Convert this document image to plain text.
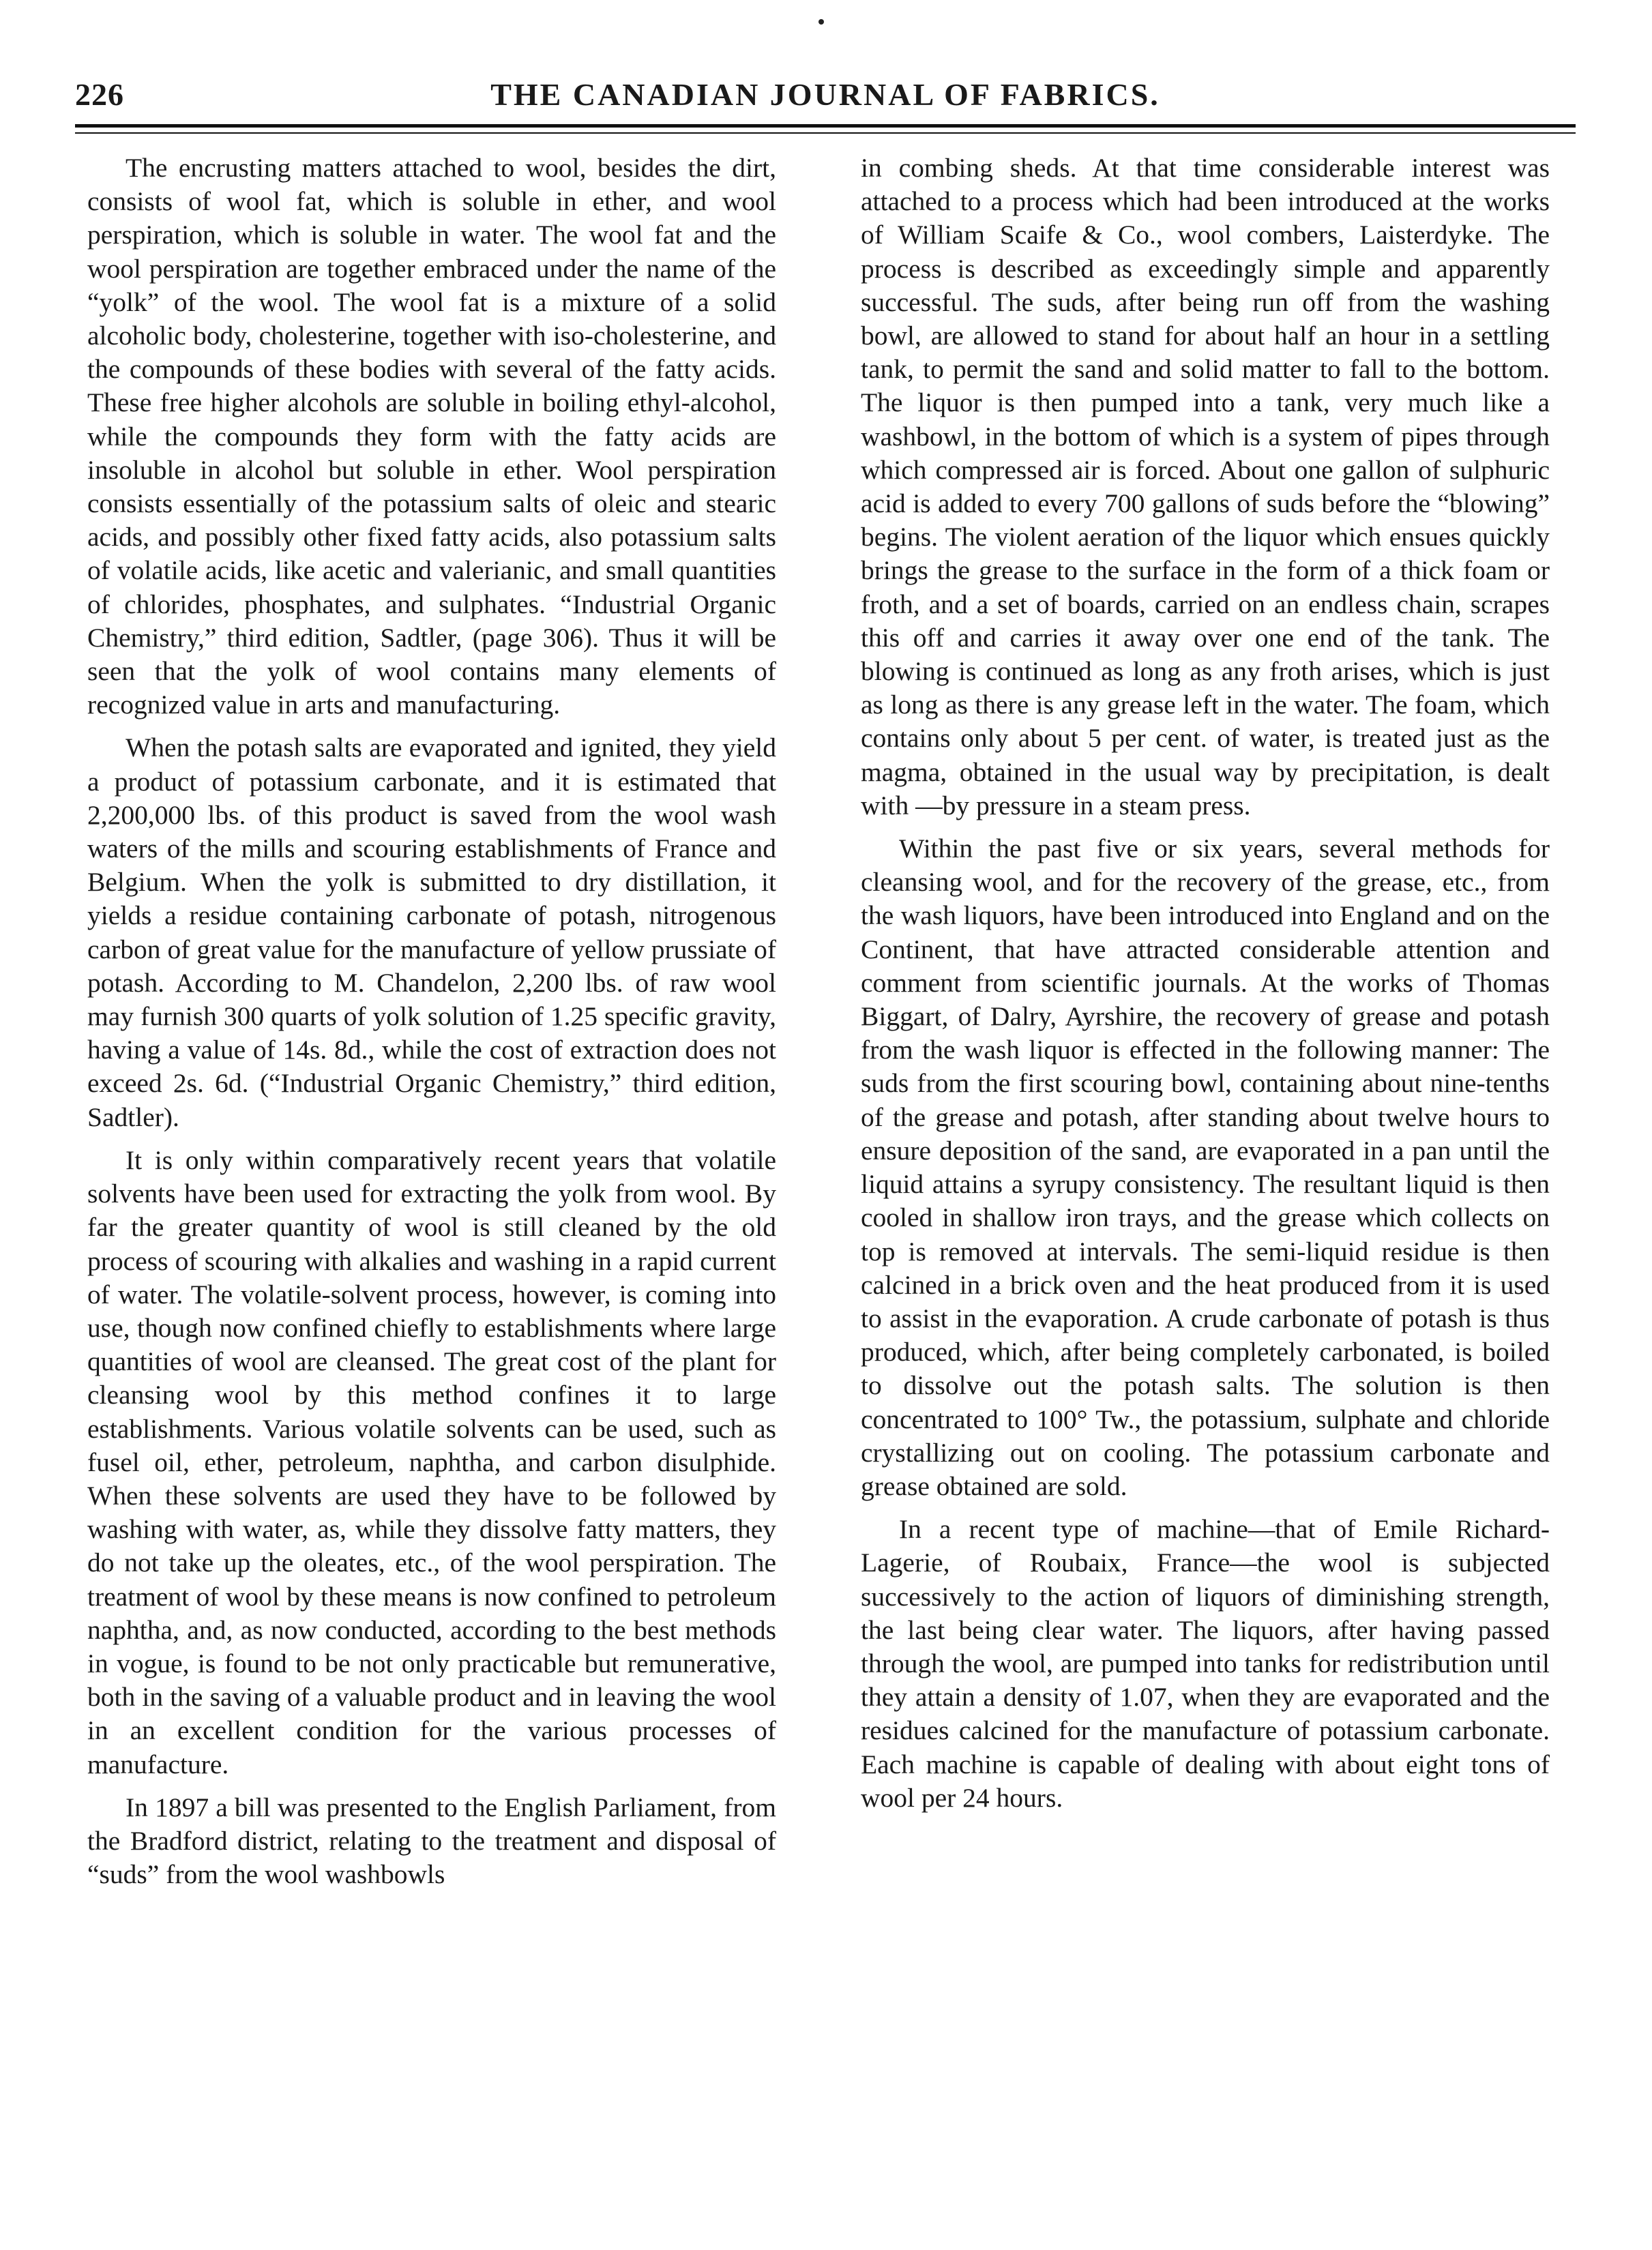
226	THE CANADIAN JOURNAL OF FABRICS.

The encrusting matters attached to wool, besides the dirt, consists of wool fat, which is soluble in ether, and wool perspiration, which is soluble in water. The wool fat and the wool perspiration are together embraced under the name of the “yolk” of the wool. The wool fat is a mixture of a solid alcoholic body, cholesterine, together with iso-cholesterine, and the compounds of these bodies with several of the fatty acids. These free higher alcohols are soluble in boiling ethyl-alcohol, while the compounds they form with the fatty acids are insoluble in alcohol but soluble in ether. Wool perspiration consists essentially of the potassium salts of oleic and stearic acids, and possibly other fixed fatty acids, also potassium salts of volatile acids, like acetic and valerianic, and small quantities of chlorides, phosphates, and sulphates. “Industrial Organic Chemistry,” third edition, Sadtler, (page 306). Thus it will be seen that the yolk of wool contains many elements of recognized value in arts and manufacturing.

When the potash salts are evaporated and ignited, they yield a product of potassium carbonate, and it is estimated that 2,200,000 lbs. of this product is saved from the wool wash waters of the mills and scouring establishments of France and Belgium. When the yolk is submitted to dry distillation, it yields a residue containing carbonate of potash, nitrogenous carbon of great value for the manufacture of yellow prussiate of potash. According to M. Chandelon, 2,200 lbs. of raw wool may furnish 300 quarts of yolk solution of 1.25 specific gravity, having a value of 14s. 8d., while the cost of extraction does not exceed 2s. 6d. (“Industrial Organic Chemistry,” third edition, Sadtler).

It is only within comparatively recent years that volatile solvents have been used for extracting the yolk from wool. By far the greater quantity of wool is still cleaned by the old process of scouring with alkalies and washing in a rapid current of water. The volatile-solvent process, however, is coming into use, though now confined chiefly to establishments where large quantities of wool are cleansed. The great cost of the plant for cleansing wool by this method confines it to large establishments. Various volatile solvents can be used, such as fusel oil, ether, petroleum, naphtha, and carbon disulphide. When these solvents are used they have to be followed by washing with water, as, while they dissolve fatty matters, they do not take up the oleates, etc., of the wool perspiration. The treatment of wool by these means is now confined to petroleum naphtha, and, as now conducted, according to the best methods in vogue, is found to be not only practicable but remunerative, both in the saving of a valuable product and in leaving the wool in an excellent condition for the various processes of manufacture.

In 1897 a bill was presented to the English Parliament, from the Bradford district, relating to the treatment and disposal of “suds” from the wool washbowls

in combing sheds. At that time considerable interest was attached to a process which had been introduced at the works of William Scaife & Co., wool combers, Laisterdyke. The process is described as exceedingly simple and apparently successful. The suds, after being run off from the washing bowl, are allowed to stand for about half an hour in a settling tank, to permit the sand and solid matter to fall to the bottom. The liquor is then pumped into a tank, very much like a washbowl, in the bottom of which is a system of pipes through which compressed air is forced. About one gallon of sulphuric acid is added to every 700 gallons of suds before the “blowing” begins. The violent aeration of the liquor which ensues quickly brings the grease to the surface in the form of a thick foam or froth, and a set of boards, carried on an endless chain, scrapes this off and carries it away over one end of the tank. The blowing is continued as long as any froth arises, which is just as long as there is any grease left in the water. The foam, which contains only about 5 per cent. of water, is treated just as the magma, obtained in the usual way by precipitation, is dealt with —by pressure in a steam press.

Within the past five or six years, several methods for cleansing wool, and for the recovery of the grease, etc., from the wash liquors, have been introduced into England and on the Continent, that have attracted considerable attention and comment from scientific journals. At the works of Thomas Biggart, of Dalry, Ayrshire, the recovery of grease and potash from the wash liquor is effected in the following manner: The suds from the first scouring bowl, containing about nine-tenths of the grease and potash, after standing about twelve hours to ensure deposition of the sand, are evaporated in a pan until the liquid attains a syrupy consistency. The resultant liquid is then cooled in shallow iron trays, and the grease which collects on top is removed at intervals. The semi-liquid residue is then calcined in a brick oven and the heat produced from it is used to assist in the evaporation. A crude carbonate of potash is thus produced, which, after being completely carbonated, is boiled to dissolve out the potash salts. The solution is then concentrated to 100° Tw., the potassium, sulphate and chloride crystallizing out on cooling. The potassium carbonate and grease obtained are sold.

In a recent type of machine—that of Emile Richard-Lagerie, of Roubaix, France—the wool is subjected successively to the action of liquors of diminishing strength, the last being clear water. The liquors, after having passed through the wool, are pumped into tanks for redistribution until they attain a density of 1.07, when they are evaporated and the residues calcined for the manufacture of potassium carbonate. Each machine is capable of dealing with about eight tons of wool per 24 hours.
